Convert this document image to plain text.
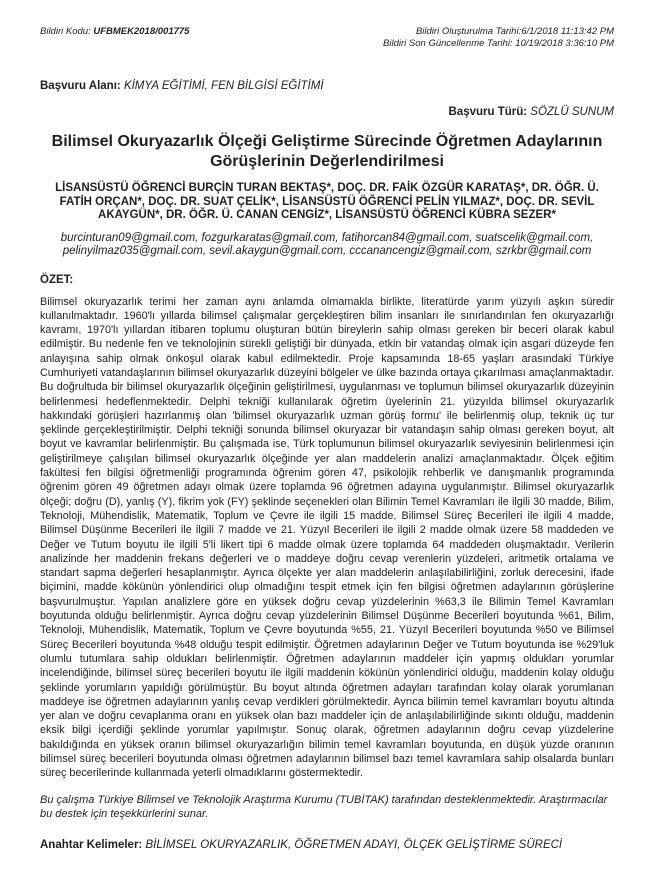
Bildiri Kodu: UFBMEK2018/001775	Bildiri Oluşturulma Tarihi:6/1/2018 11:13:42 PM
Bildiri Son Güncellenme Tarihi: 10/19/2018 3:36:10 PM
Başvuru Alanı: KİMYA EĞİTİMİ, FEN BİLGİSİ EĞİTİMİ
Başvuru Türü: SÖZLÜ SUNUM
Bilimsel Okuryazarlık Ölçeği Geliştirme Sürecinde Öğretmen Adaylarının Görüşlerinin Değerlendirilmesi
LİSANSÜSTÜ ÖĞRENCİ BURÇİN TURAN BEKTAŞ*, DOÇ. DR. FAİK ÖZGÜR KARATAŞ*, DR. ÖĞR. Ü. FATİH ORÇAN*, DOÇ. DR. SUAT ÇELİK*, LİSANSÜSTÜ ÖĞRENCİ PELİN YILMAZ*, DOÇ. DR. SEVİL AKAYGÜN*, DR. ÖĞR. Ü. CANAN CENGİZ*, LİSANSÜSTÜ ÖĞRENCİ KÜBRA SEZER*
burcinturan09@gmail.com, fozgurkaratas@gmail.com, fatihorcan84@gmail.com, suatscelik@gmail.com, pelinyilmaz035@gmail.com, sevil.akaygun@gmail.com, cccanancengiz@gmail.com, szrkbr@gmail.com
ÖZET:
Bilimsel okuryazarlık terimi her zaman aynı anlamda olmamakla birlikte, literatürde yarım yüzyılı aşkın süredir kullanılmaktadır. 1960'lı yıllarda bilimsel çalışmalar gerçekleştiren bilim insanları ile sınırlandırılan fen okuryazarlığı kavramı, 1970'lı yıllardan itibaren toplumu oluşturan bütün bireylerin sahip olması gereken bir beceri olarak kabul edilmiştir. Bu nedenle fen ve teknolojinin sürekli geliştiği bir dünyada, etkin bir vatandaş olmak için asgari düzeyde fen anlayışına sahip olmak önkoşul olarak kabul edilmektedir. Proje kapsamında 18-65 yaşları arasındaki Türkiye Cumhuriyeti vatandaşlarının bilimsel okuryazarlık düzeyini bölgeler ve ülke bazında ortaya çıkarılması amaçlanmaktadır. Bu doğrultuda bir bilimsel okuryazarlık ölçeğinin geliştirilmesi, uygulanması ve toplumun bilimsel okuryazarlık düzeyinin belirlenmesi hedeflenmektedir. Delphi tekniği kullanılarak öğretim üyelerinin 21. yüzyılda bilimsel okuryazarlık hakkındaki görüşleri hazırlanmış olan 'bilimsel okuryazarlık uzman görüş formu' ile belirlenmiş olup, teknik üç tur şeklinde gerçekleştirilmiştir. Delphi tekniği sonunda bilimsel okuryazar bir vatandaşın sahip olması gereken boyut, alt boyut ve kavramlar belirlenmiştir. Bu çalışmada ise, Türk toplumunun bilimsel okuryazarlık seviyesinin belirlenmesi için geliştirilmeye çalışılan bilimsel okuryazarlık ölçeğinde yer alan maddelerin analizi amaçlanmaktadır. Ölçek eğitim fakültesi fen bilgisi öğretmenliği programında öğrenim gören 47, psikolojik rehberlik ve danışmanlık programında öğrenim gören 49 öğretmen adayı olmak üzere toplamda 96 öğretmen adayına uygulanmıştır. Bilimsel okuryazarlık ölçeği; doğru (D), yanlış (Y), fikrim yok (FY) şeklinde seçenekleri olan Bilimin Temel Kavramları ile ilgili 30 madde, Bilim, Teknoloji, Mühendislik, Matematik, Toplum ve Çevre ile ilgili 15 madde, Bilimsel Süreç Becerileri ile ilgili 4 madde, Bilimsel Düşünme Becerileri ile ilgili 7 madde ve 21. Yüzyıl Becerileri ile ilgili 2 madde olmak üzere 58 maddeden ve Değer ve Tutum boyutu ile ilgili 5'li likert tipi 6 madde olmak üzere toplamda 64 maddeden oluşmaktadır. Verilerin analizinde her maddenin frekans değerleri ve o maddeye doğru cevap verenlerin yüzdeleri, aritmetik ortalama ve standart sapma değerleri hesaplanmıştır. Ayrıca ölçekte yer alan maddelerin anlaşılabilirliğini, zorluk derecesini, ifade biçimini, madde kökünün yönlendirici olup olmadığını tespit etmek için fen bilgisi öğretmen adaylarının görüşlerine başvurulmuştur. Yapılan analizlere göre en yüksek doğru cevap yüzdelerinin %63,3 ile Bilimin Temel Kavramları boyutunda olduğu belirlenmiştir. Ayrıca doğru cevap yüzdelerinin Bilimsel Düşünme Becerileri boyutunda %61, Bilim, Teknoloji, Mühendislik, Matematik, Toplum ve Çevre boyutunda %55, 21. Yüzyıl Becerileri boyutunda %50 ve Bilimsel Süreç Becerileri boyutunda %48 olduğu tespit edilmiştir. Öğretmen adaylarının Değer ve Tutum boyutunda ise %29'luk olumlu tutumlara sahip oldukları belirlenmiştir. Öğretmen adaylarının maddeler için yapmış oldukları yorumlar incelendiğinde, bilimsel süreç becerileri boyutu ile ilgili maddenin kökünün yönlendirici olduğu, maddenin kolay olduğu şeklinde yorumların yapıldığı görülmüştür. Bu boyut altında öğretmen adayları tarafından kolay olarak yorumlanan maddeye ise öğretmen adaylarının yanlış cevap verdikleri görülmektedir. Ayrıca bilimin temel kavramları boyutu altında yer alan ve doğru cevaplanma oranı en yüksek olan bazı maddeler için de anlaşılabilirliğinde sıkıntı olduğu, maddenin eksik bilgi içerdiği şeklinde yorumlar yapılmıştır. Sonuç olarak, öğretmen adaylarının doğru cevap yüzdelerine bakıldığında en yüksek oranın bilimsel okuryazarlığın bilimin temel kavramları boyutunda, en düşük yüzde oranının bilimsel süreç becerileri boyutunda olması öğretmen adaylarının bilimsel bazı temel kavramlara sahip olsalarda bunları süreç becerilerinde kullanmada yeterli olmadıklarını göstermektedir.
Bu çalışma Türkiye Bilimsel ve Teknolojik Araştırma Kurumu (TUBİTAK) tarafından desteklenmektedir. Araştırmacılar bu destek için teşekkürlerini sunar.
Anahtar Kelimeler: BİLİMSEL OKURYAZARLIK, ÖĞRETMEN ADAYI, ÖLÇEK GELİŞTİRME SÜRECİ
